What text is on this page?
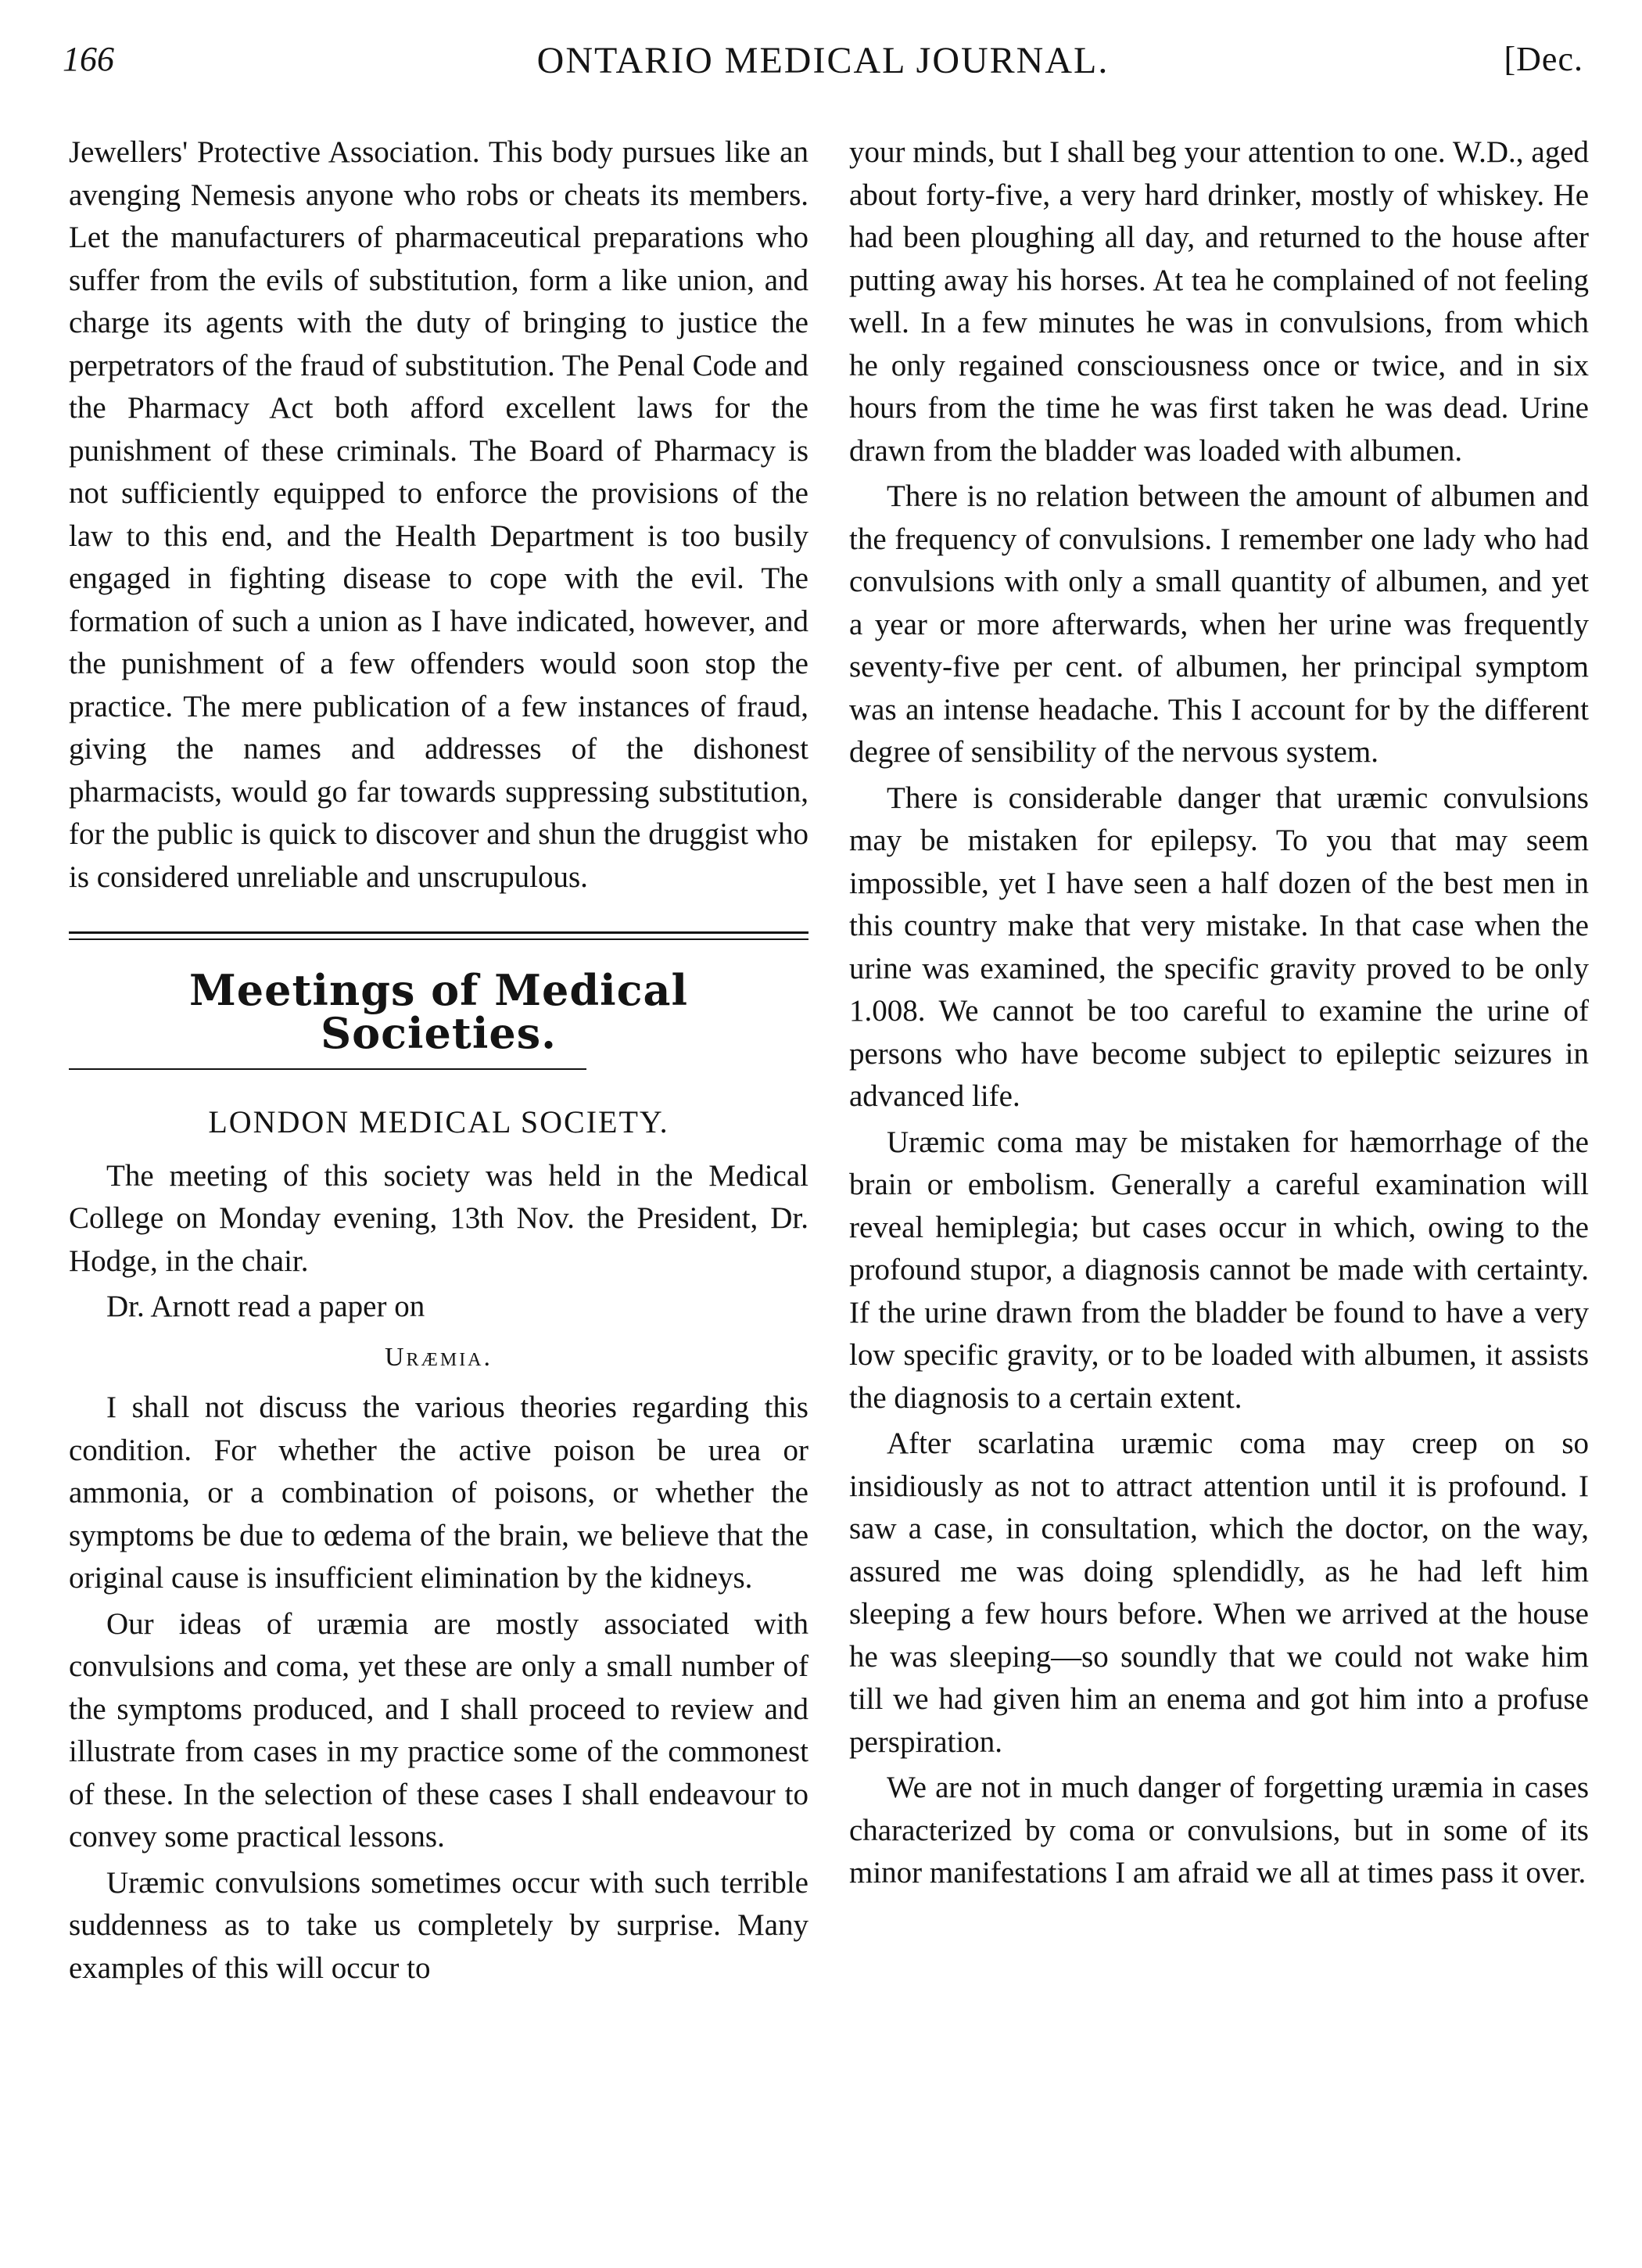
166	ONTARIO MEDICAL JOURNAL.	[Dec.

Jewellers' Protective Association. This body pursues like an avenging Nemesis anyone who robs or cheats its members. Let the manufacturers of pharmaceutical preparations who suffer from the evils of substitution, form a like union, and charge its agents with the duty of bringing to justice the perpetrators of the fraud of substitution. The Penal Code and the Pharmacy Act both afford excellent laws for the punishment of these criminals. The Board of Pharmacy is not sufficiently equipped to enforce the provisions of the law to this end, and the Health Department is too busily engaged in fighting disease to cope with the evil. The formation of such a union as I have indicated, however, and the punishment of a few offenders would soon stop the practice. The mere publication of a few instances of fraud, giving the names and addresses of the dishonest pharmacists, would go far towards suppressing substitution, for the public is quick to discover and shun the druggist who is considered unreliable and unscrupulous.

Meetings of Medical Societies.
LONDON MEDICAL SOCIETY.

The meeting of this society was held in the Medical College on Monday evening, 13th Nov. the President, Dr. Hodge, in the chair.

Dr. Arnott read a paper on

Uræmia.

I shall not discuss the various theories regarding this condition. For whether the active poison be urea or ammonia, or a combination of poisons, or whether the symptoms be due to œdema of the brain, we believe that the original cause is insufficient elimination by the kidneys.

Our ideas of uræmia are mostly associated with convulsions and coma, yet these are only a small number of the symptoms produced, and I shall proceed to review and illustrate from cases in my practice some of the commonest of these. In the selection of these cases I shall endeavour to convey some practical lessons.

Uræmic convulsions sometimes occur with such terrible suddenness as to take us completely by surprise. Many examples of this will occur to

your minds, but I shall beg your attention to one. W.D., aged about forty-five, a very hard drinker, mostly of whiskey. He had been ploughing all day, and returned to the house after putting away his horses. At tea he complained of not feeling well. In a few minutes he was in convulsions, from which he only regained consciousness once or twice, and in six hours from the time he was first taken he was dead. Urine drawn from the bladder was loaded with albumen.

There is no relation between the amount of albumen and the frequency of convulsions. I remember one lady who had convulsions with only a small quantity of albumen, and yet a year or more afterwards, when her urine was frequently seventy-five per cent. of albumen, her principal symptom was an intense headache. This I account for by the different degree of sensibility of the nervous system.

There is considerable danger that uræmic convulsions may be mistaken for epilepsy. To you that may seem impossible, yet I have seen a half dozen of the best men in this country make that very mistake. In that case when the urine was examined, the specific gravity proved to be only 1.008. We cannot be too careful to examine the urine of persons who have become subject to epileptic seizures in advanced life.

Uræmic coma may be mistaken for hæmorrhage of the brain or embolism. Generally a careful examination will reveal hemiplegia; but cases occur in which, owing to the profound stupor, a diagnosis cannot be made with certainty. If the urine drawn from the bladder be found to have a very low specific gravity, or to be loaded with albumen, it assists the diagnosis to a certain extent.

After scarlatina uræmic coma may creep on so insidiously as not to attract attention until it is profound. I saw a case, in consultation, which the doctor, on the way, assured me was doing splendidly, as he had left him sleeping a few hours before. When we arrived at the house he was sleeping—so soundly that we could not wake him till we had given him an enema and got him into a profuse perspiration.

We are not in much danger of forgetting uræmia in cases characterized by coma or convulsions, but in some of its minor manifestations I am afraid we all at times pass it over.
